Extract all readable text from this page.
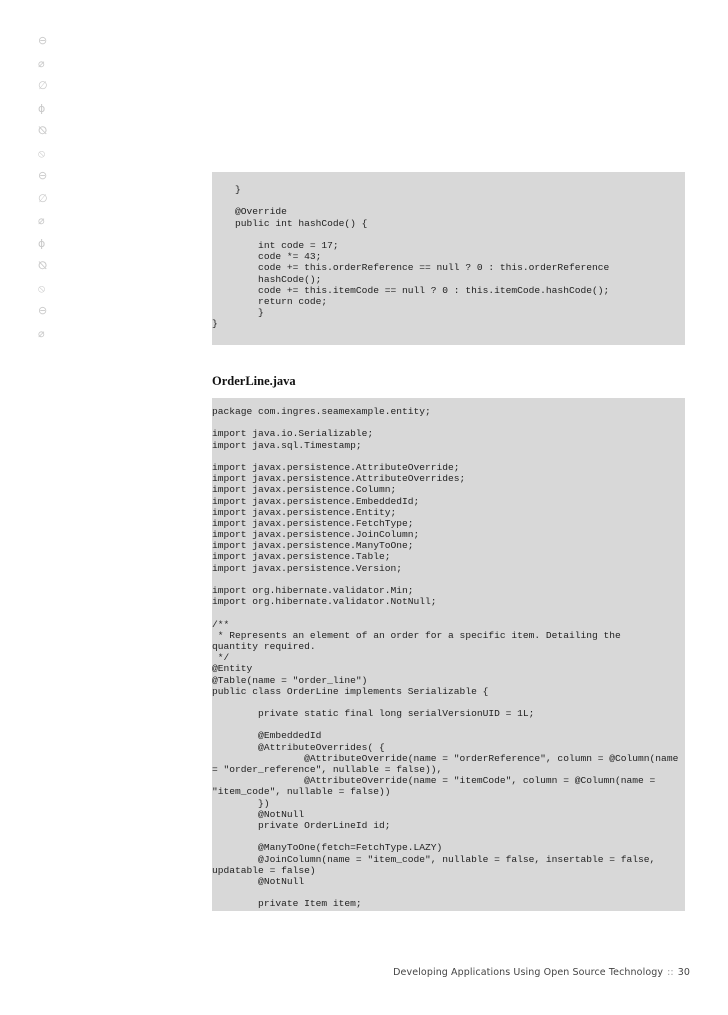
⊖
⌀
∅
ϕ
⦰
⦸
⊖
∅
⌀
ϕ
⦰
⦸
⊖
⌀
}
@Override
public int hashCode() {
int code = 17;
code *= 43;
code += this.orderReference == null ? 0 : this.orderReference
hashCode();
code += this.itemCode == null ? 0 : this.itemCode.hashCode();
return code;
}
}
OrderLine.java
package com.ingres.seamexample.entity;
import java.io.Serializable;
import java.sql.Timestamp;
import javax.persistence.AttributeOverride;
import javax.persistence.AttributeOverrides;
import javax.persistence.Column;
import javax.persistence.EmbeddedId;
import javax.persistence.Entity;
import javax.persistence.FetchType;
import javax.persistence.JoinColumn;
import javax.persistence.ManyToOne;
import javax.persistence.Table;
import javax.persistence.Version;
import org.hibernate.validator.Min;
import org.hibernate.validator.NotNull;
/**
* Represents an element of an order for a specific item. Detailing the
quantity required.
*/
@Entity
@Table(name = "order_line")
public class OrderLine implements Serializable {
private static final long serialVersionUID = 1L;
@EmbeddedId
@AttributeOverrides( {
@AttributeOverride(name = "orderReference", column = @Column(name
= "order_reference", nullable = false)),
@AttributeOverride(name = "itemCode", column = @Column(name =
"item_code", nullable = false))
})
@NotNull
private OrderLineId id;
@ManyToOne(fetch=FetchType.LAZY)
@JoinColumn(name = "item_code", nullable = false, insertable = false,
updatable = false)
@NotNull
private Item item;
Developing Applications Using Open Source Technology :: 30
